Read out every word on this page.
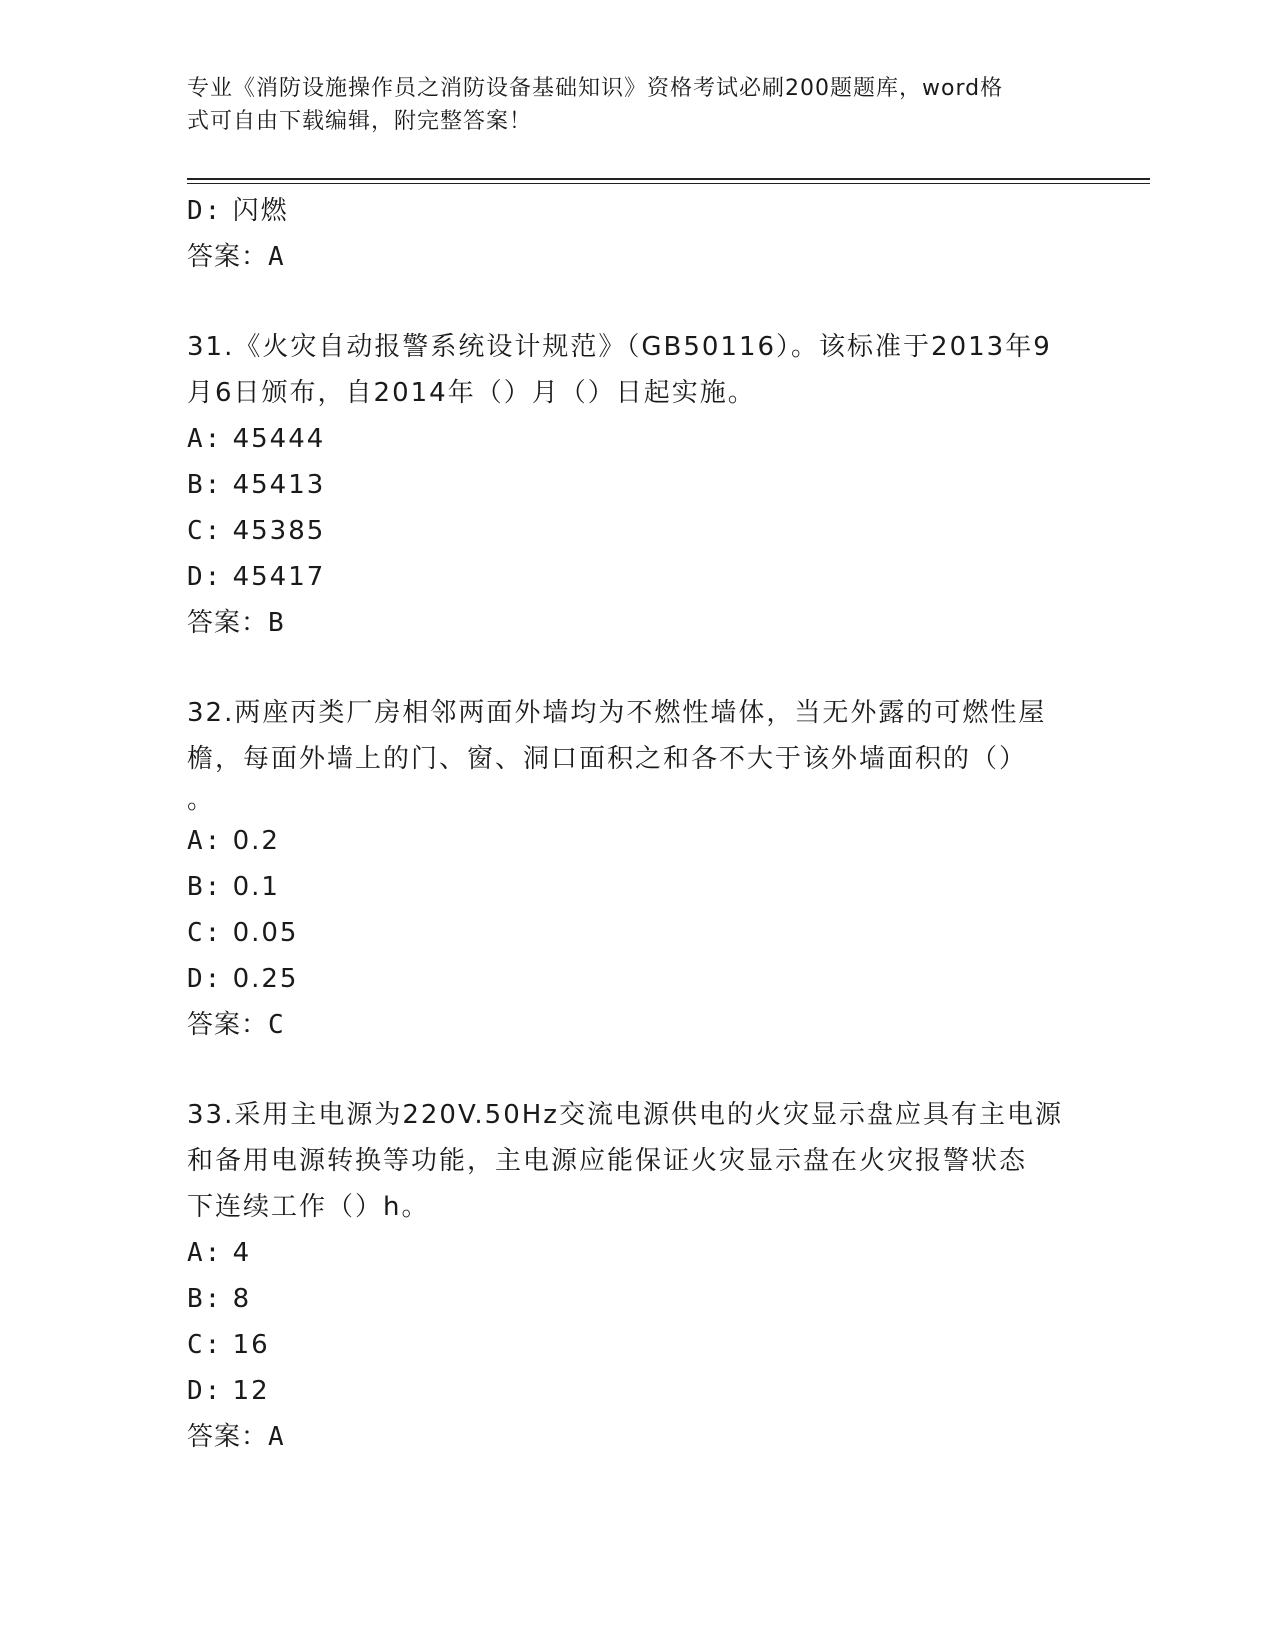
专业《消防设施操作员之消防设备基础知识》资格考试必刷200题题库，word格
式可自由下载编辑，附完整答案！
D: 闪燃
答案：A
31.《火灾自动报警系统设计规范》（GB50116）。该标准于2013年9
月6日颁布，自2014年（）月（）日起实施。
A: 45444
B: 45413
C: 45385
D: 45417
答案：B
32.两座丙类厂房相邻两面外墙均为不燃性墙体，当无外露的可燃性屋
檐，每面外墙上的门、窗、洞口面积之和各不大于该外墙面积的（）
。
A: 0.2
B: 0.1
C: 0.05
D: 0.25
答案：C
33.采用主电源为220V.50Hz交流电源供电的火灾显示盘应具有主电源
和备用电源转换等功能，主电源应能保证火灾显示盘在火灾报警状态
下连续工作（）h。
A: 4
B: 8
C: 16
D: 12
答案：A
